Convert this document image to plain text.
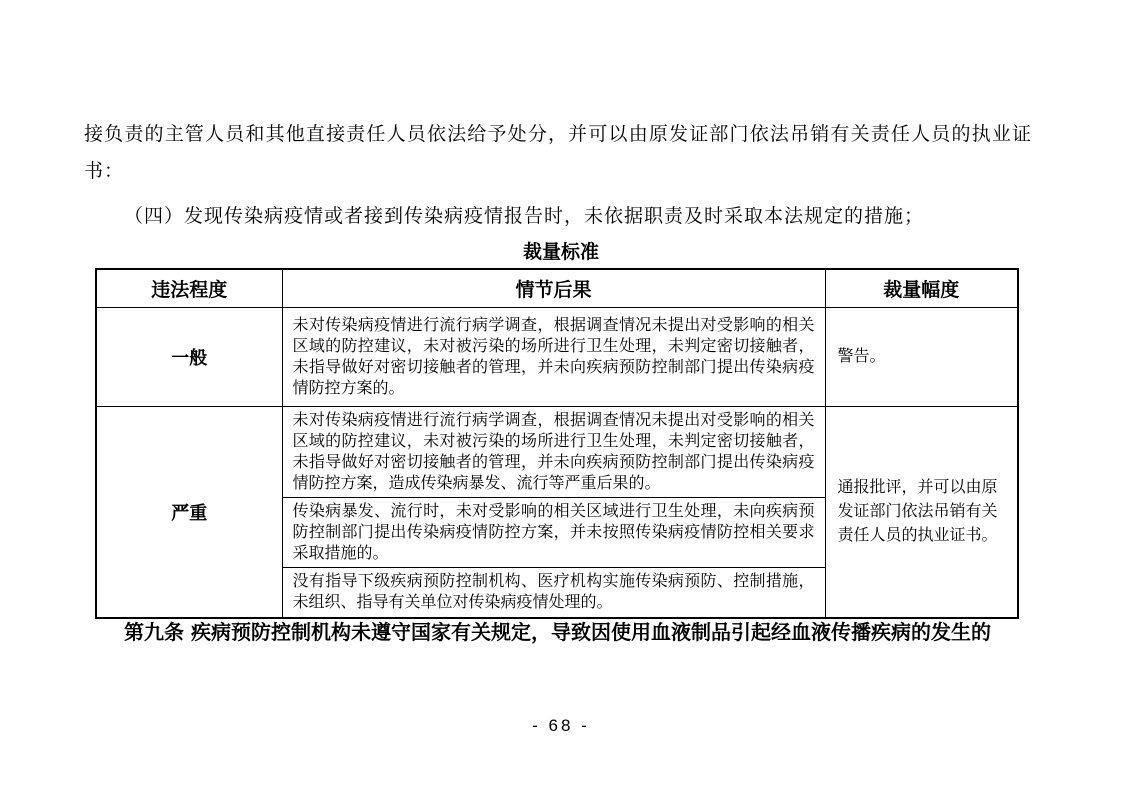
接负责的主管人员和其他直接责任人员依法给予处分，并可以由原发证部门依法吊销有关责任人员的执业证书：

（四）发现传染病疫情或者接到传染病疫情报告时，未依据职责及时采取本法规定的措施；

裁量标准
违法程度	情节后果	裁量幅度
一般	未对传染病疫情进行流行病学调查，根据调查情况未提出对受影响的相关区域的防控建议，未对被污染的场所进行卫生处理，未判定密切接触者，未指导做好对密切接触者的管理，并未向疾病预防控制部门提出传染病疫情防控方案的。	警告。
严重	未对传染病疫情进行流行病学调查，根据调查情况未提出对受影响的相关区域的防控建议，未对被污染的场所进行卫生处理，未判定密切接触者，未指导做好对密切接触者的管理，并未向疾病预防控制部门提出传染病疫情防控方案，造成传染病暴发、流行等严重后果的。	通报批评，并可以由原发证部门依法吊销有关责任人员的执业证书。
	传染病暴发、流行时，未对受影响的相关区域进行卫生处理，未向疾病预防控制部门提出传染病疫情防控方案，并未按照传染病疫情防控相关要求采取措施的。	
	没有指导下级疾病预防控制机构、医疗机构实施传染病预防、控制措施，未组织、指导有关单位对传染病疫情处理的。	

第九条 疾病预防控制机构未遵守国家有关规定，导致因使用血液制品引起经血液传播疾病的发生的

- 68 -
